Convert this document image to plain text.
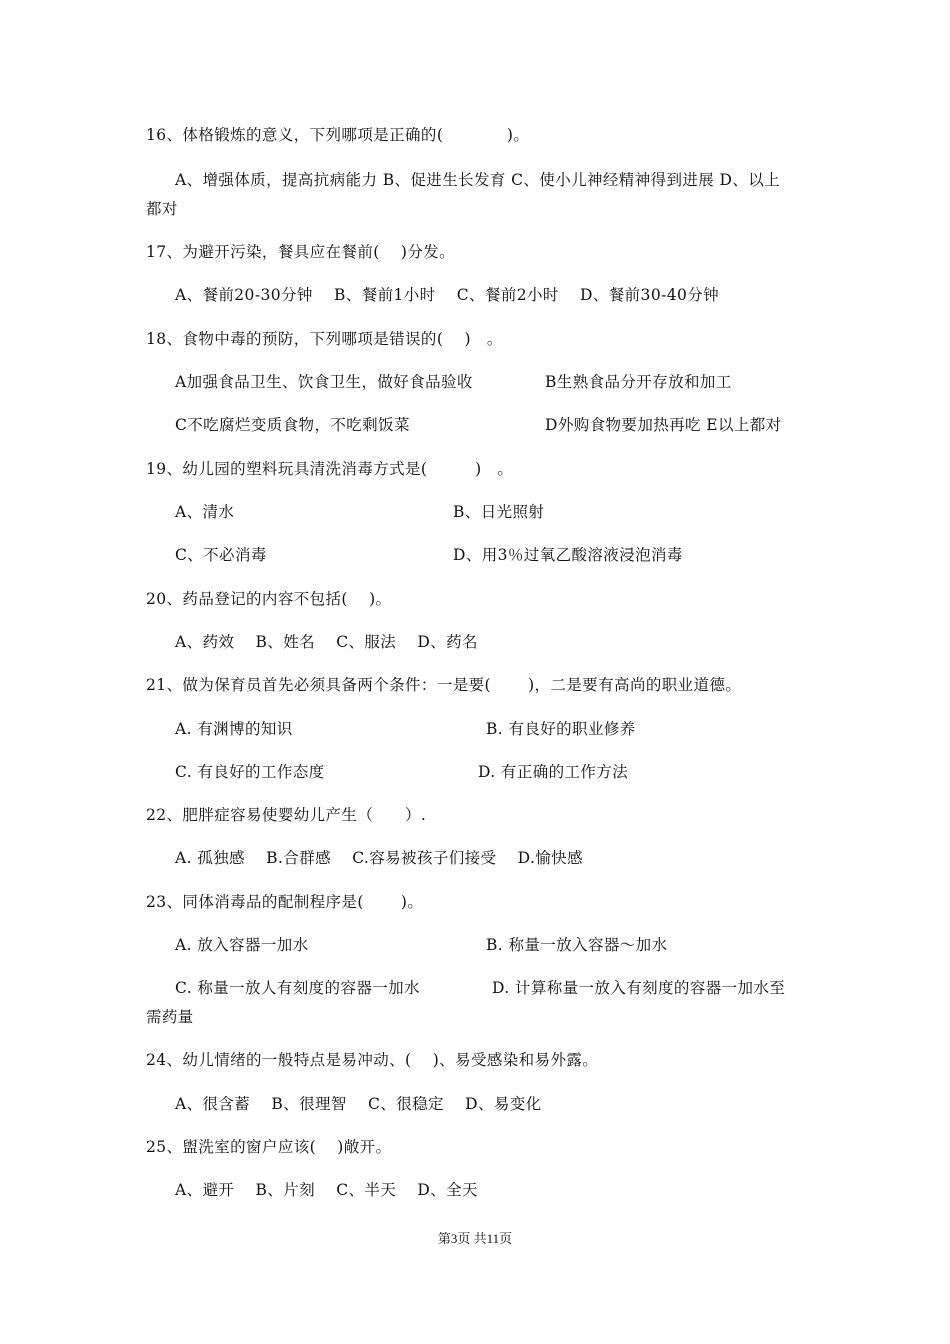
16、体格锻炼的意义，下列哪项是正确的(　　　　)。
A、增强体质，提高抗病能力 B、促进生长发育 C、使小儿神经精神得到进展 D、以上
都对
17、为避开污染，餐具应在餐前(　 )分发。
A、餐前20-30分钟　 B、餐前1小时　 C、餐前2小时　 D、餐前30-40分钟
18、食物中毒的预防，下列哪项是错误的(　 )　。
A加强食品卫生、饮食卫生，做好食品验收	B生熟食品分开存放和加工
C不吃腐烂变质食物，不吃剩饭菜	D外购食物要加热再吃 E以上都对
19、幼儿园的塑料玩具清洗消毒方式是(　　　)　。
A、清水	B、日光照射
C、不必消毒	D、用3％过氧乙酸溶液浸泡消毒
20、药品登记的内容不包括(　 )。
A、药效　 B、姓名　 C、服法　 D、药名
21、做为保育员首先必须具备两个条件：一是要(　　 )，二是要有高尚的职业道德。
A. 有渊博的知识	B. 有良好的职业修养
C. 有良好的工作态度	D. 有正确的工作方法
22、肥胖症容易使婴幼儿产生（　　）.
A. 孤独感　 B.合群感　 C.容易被孩子们接受　 D.愉快感
23、同体消毒品的配制程序是(　　 )。
A. 放入容器一加水	B. 称量一放入容器～加水
C. 称量一放人有刻度的容器一加水	D. 计算称量一放入有刻度的容器一加水至
需药量
24、幼儿情绪的一般特点是易冲动、(　 )、易受感染和易外露。
A、很含蓄　 B、很理智　 C、很稳定　 D、易变化
25、盥洗室的窗户应该(　 )敞开。
A、避开　 B、片刻　 C、半天　 D、全天
第3页 共11页
